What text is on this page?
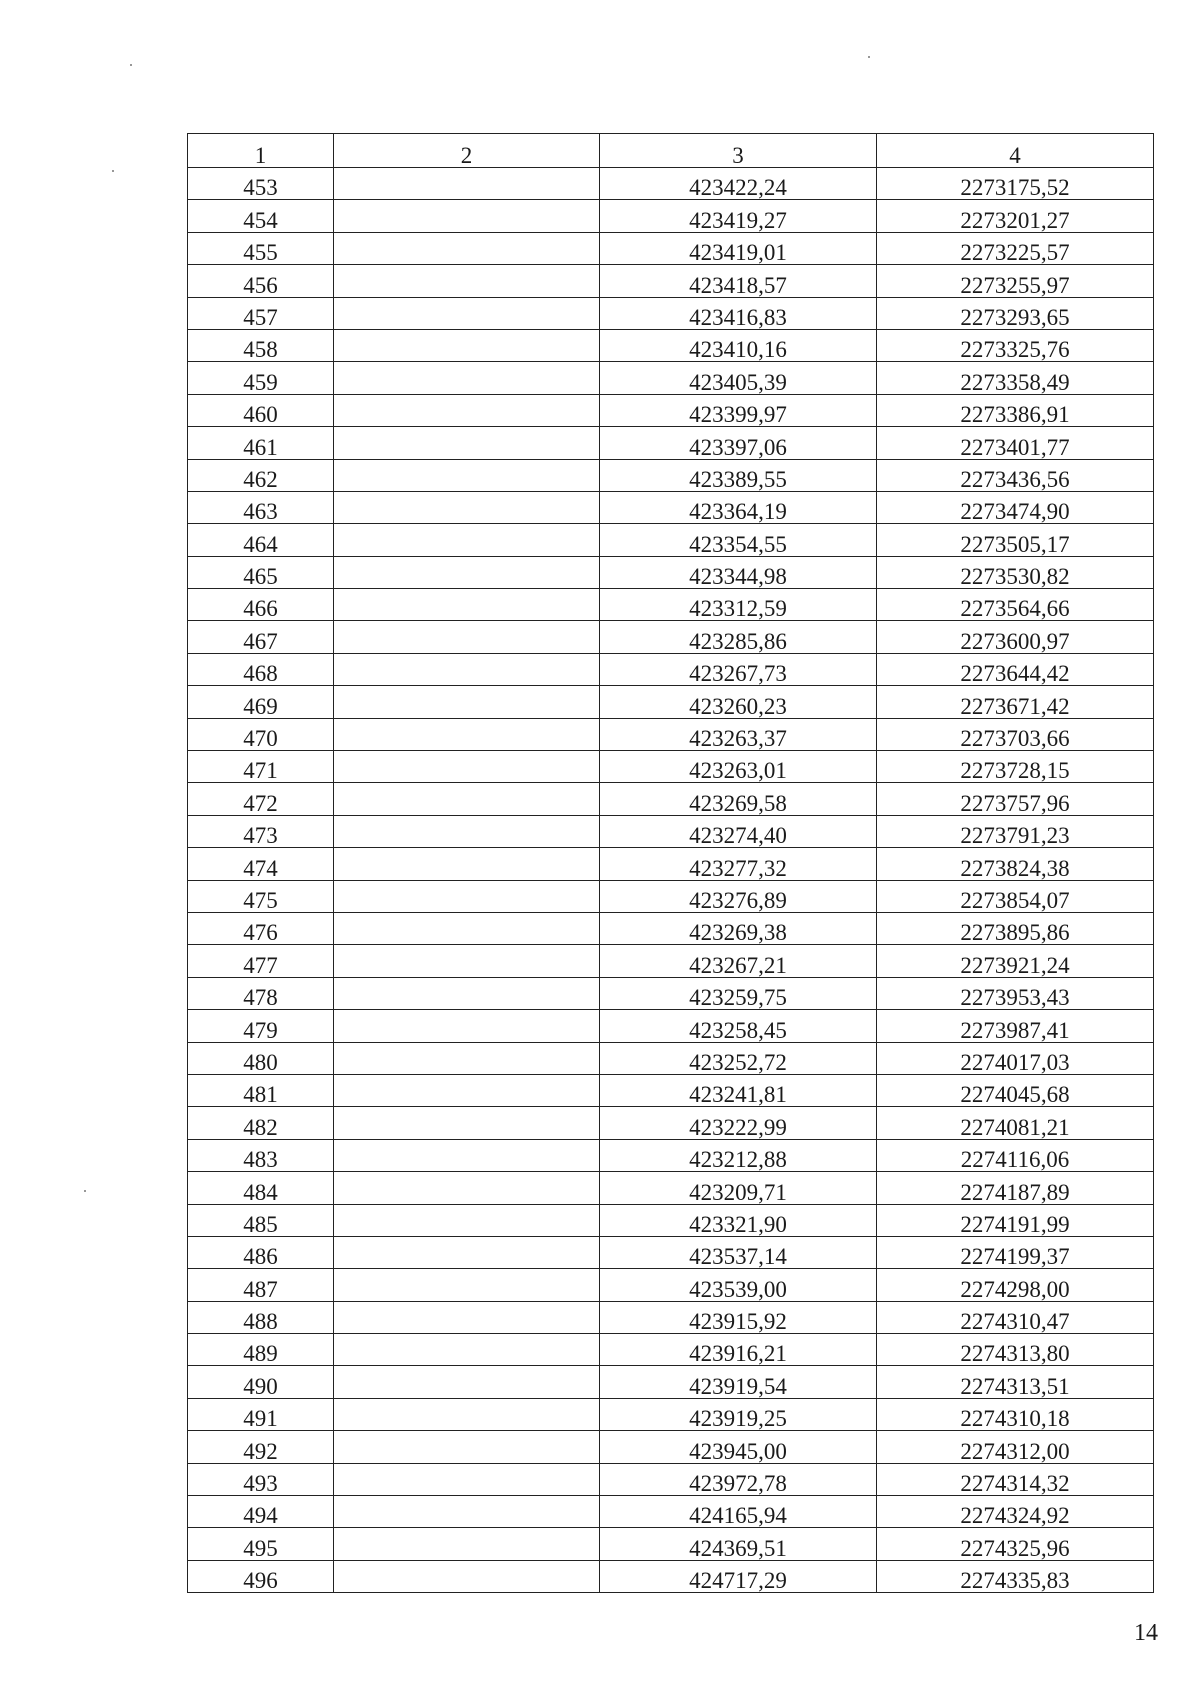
1	2	3	4
453		423422,24	2273175,52
454		423419,27	2273201,27
455		423419,01	2273225,57
456		423418,57	2273255,97
457		423416,83	2273293,65
458		423410,16	2273325,76
459		423405,39	2273358,49
460		423399,97	2273386,91
461		423397,06	2273401,77
462		423389,55	2273436,56
463		423364,19	2273474,90
464		423354,55	2273505,17
465		423344,98	2273530,82
466		423312,59	2273564,66
467		423285,86	2273600,97
468		423267,73	2273644,42
469		423260,23	2273671,42
470		423263,37	2273703,66
471		423263,01	2273728,15
472		423269,58	2273757,96
473		423274,40	2273791,23
474		423277,32	2273824,38
475		423276,89	2273854,07
476		423269,38	2273895,86
477		423267,21	2273921,24
478		423259,75	2273953,43
479		423258,45	2273987,41
480		423252,72	2274017,03
481		423241,81	2274045,68
482		423222,99	2274081,21
483		423212,88	2274116,06
484		423209,71	2274187,89
485		423321,90	2274191,99
486		423537,14	2274199,37
487		423539,00	2274298,00
488		423915,92	2274310,47
489		423916,21	2274313,80
490		423919,54	2274313,51
491		423919,25	2274310,18
492		423945,00	2274312,00
493		423972,78	2274314,32
494		424165,94	2274324,92
495		424369,51	2274325,96
496		424717,29	2274335,83
14
